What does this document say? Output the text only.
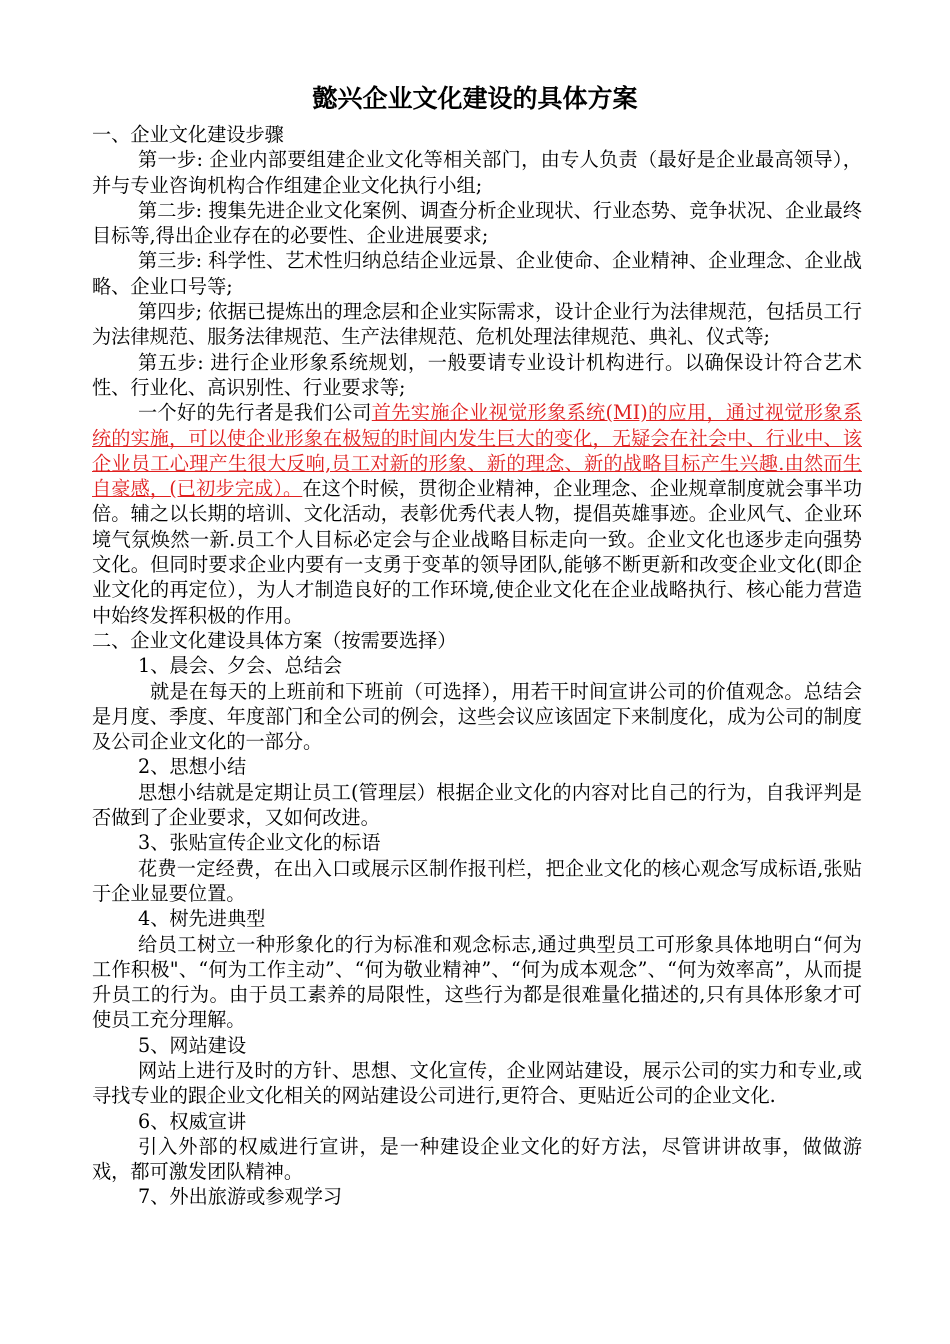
懿兴企业文化建设的具体方案

一、企业文化建设步骤

第一步: 企业内部要组建企业文化等相关部门，由专人负责（最好是企业最高领导），并与专业咨询机构合作组建企业文化执行小组;

第二步: 搜集先进企业文化案例、调查分析企业现状、行业态势、竞争状况、企业最终目标等,得出企业存在的必要性、企业进展要求;

第三步: 科学性、艺术性归纳总结企业远景、企业使命、企业精神、企业理念、企业战略、企业口号等;

第四步; 依据已提炼出的理念层和企业实际需求，设计企业行为法律规范，包括员工行为法律规范、服务法律规范、生产法律规范、危机处理法律规范、典礼、仪式等;

第五步: 进行企业形象系统规划，一般要请专业设计机构进行。以确保设计符合艺术性、行业化、高识别性、行业要求等;

一个好的先行者是我们公司首先实施企业视觉形象系统(MI)的应用，通过视觉形象系统的实施，可以使企业形象在极短的时间内发生巨大的变化，无疑会在社会中、行业中、该企业员工心理产生很大反响,员工对新的形象、新的理念、新的战略目标产生兴趣.由然而生自豪感，(已初步完成）。在这个时候，贯彻企业精神，企业理念、企业规章制度就会事半功倍。辅之以长期的培训、文化活动，表彰优秀代表人物，提倡英雄事迹。企业风气、企业环境气氛焕然一新.员工个人目标必定会与企业战略目标走向一致。企业文化也逐步走向强势文化。但同时要求企业内要有一支勇于变革的领导团队,能够不断更新和改变企业文化(即企业文化的再定位），为人才制造良好的工作环境,使企业文化在企业战略执行、核心能力营造中始终发挥积极的作用。

二、企业文化建设具体方案（按需要选择）

1、晨会、夕会、总结会

就是在每天的上班前和下班前（可选择），用若干时间宣讲公司的价值观念。总结会是月度、季度、年度部门和全公司的例会，这些会议应该固定下来制度化，成为公司的制度及公司企业文化的一部分。

2、思想小结

思想小结就是定期让员工(管理层）根据企业文化的内容对比自己的行为，自我评判是否做到了企业要求，又如何改进。

3、张贴宣传企业文化的标语

花费一定经费，在出入口或展示区制作报刊栏，把企业文化的核心观念写成标语,张贴于企业显要位置。

4、树先进典型

给员工树立一种形象化的行为标准和观念标志,通过典型员工可形象具体地明白“何为工作积极"、“何为工作主动”、“何为敬业精神”、“何为成本观念”、“何为效率高”，从而提升员工的行为。由于员工素养的局限性，这些行为都是很难量化描述的,只有具体形象才可使员工充分理解。

5、网站建设

网站上进行及时的方针、思想、文化宣传，企业网站建设，展示公司的实力和专业,或寻找专业的跟企业文化相关的网站建设公司进行,更符合、更贴近公司的企业文化.

6、权威宣讲

引入外部的权威进行宣讲，是一种建设企业文化的好方法，尽管讲讲故事，做做游戏，都可激发团队精神。

7、外出旅游或参观学习
